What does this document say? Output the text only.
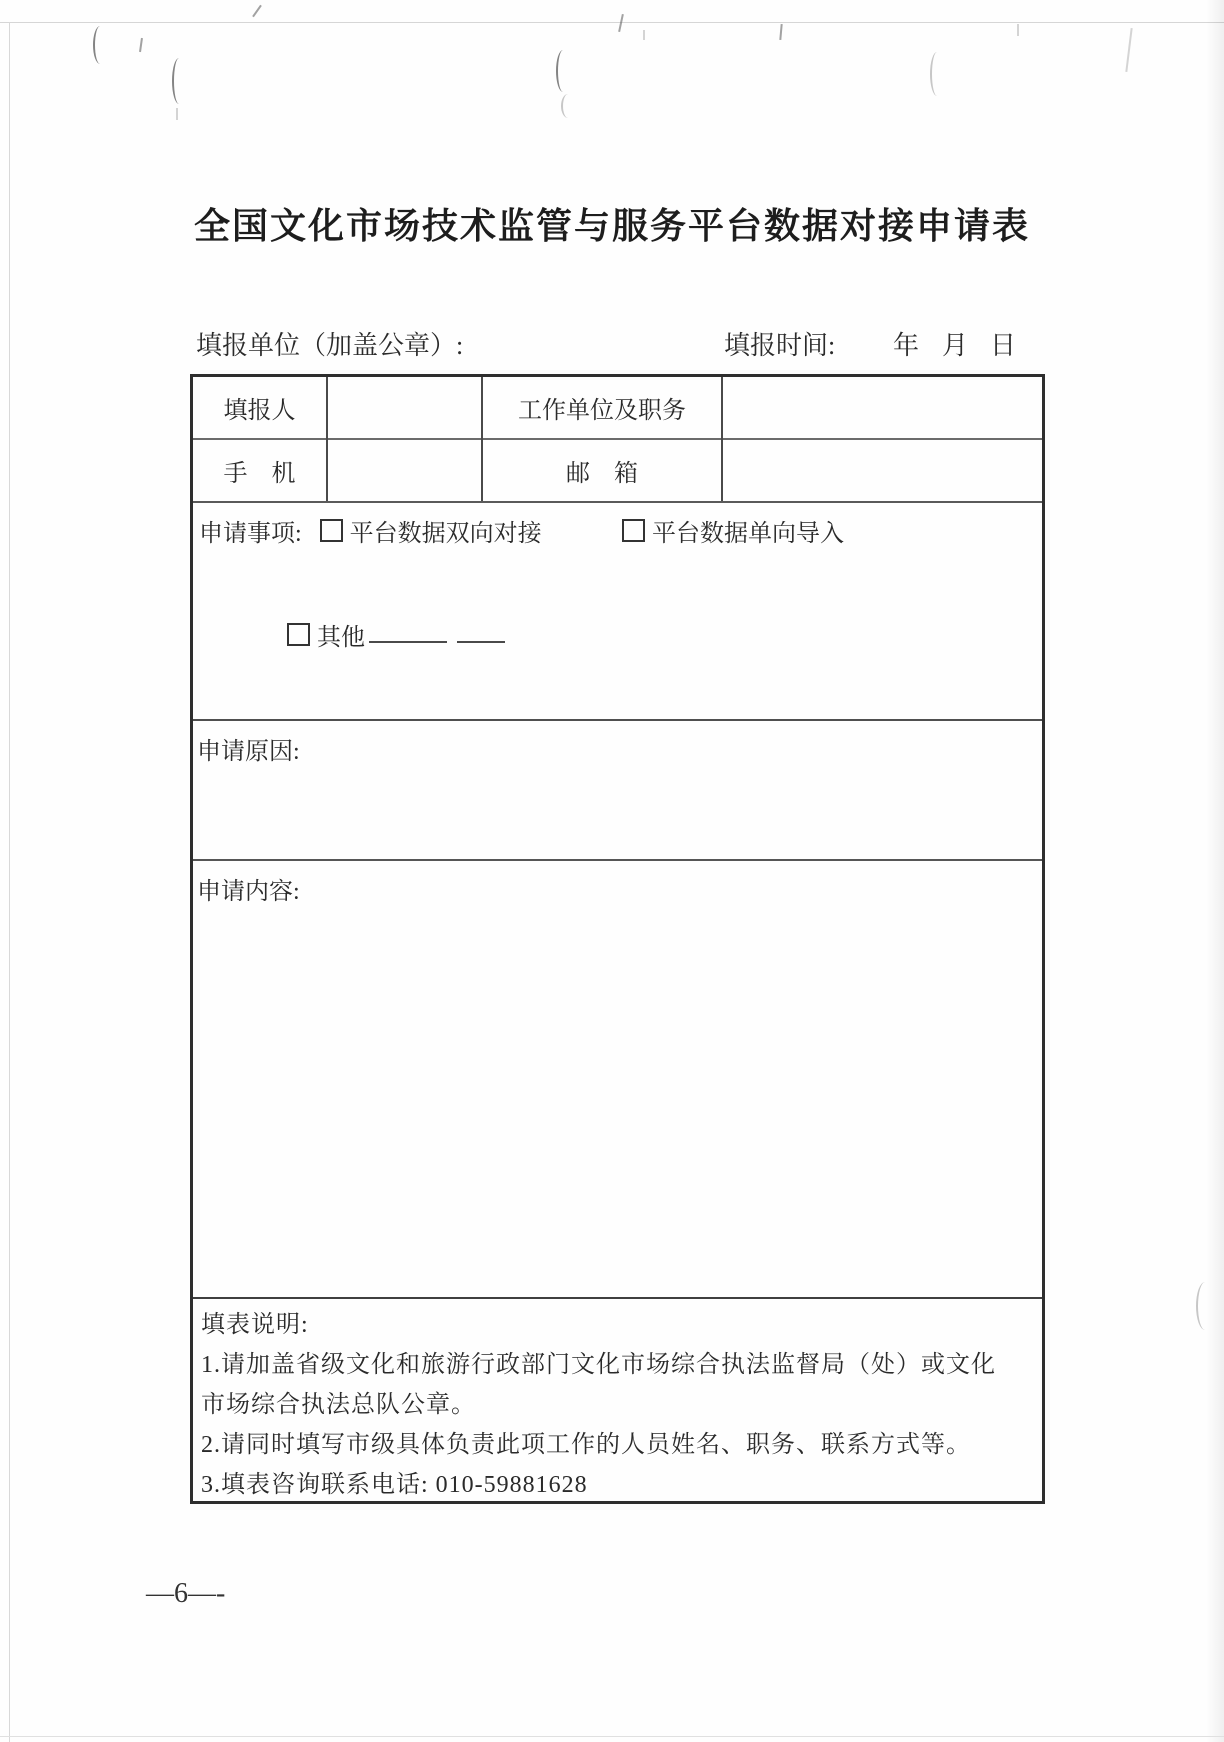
全国文化市场技术监管与服务平台数据对接申请表
填报单位（加盖公章）:	填报时间: 年 月 日
填报人	工作单位及职务
手　机	邮　箱
申请事项: 平台数据双向对接	平台数据单向导入
其他
申请原因:
申请内容:
填表说明:
1.请加盖省级文化和旅游行政部门文化市场综合执法监督局（处）或文化市场综合执法总队公章。
2.请同时填写市级具体负责此项工作的人员姓名、职务、联系方式等。
3.填表咨询联系电话: 010-59881628
—6—-
